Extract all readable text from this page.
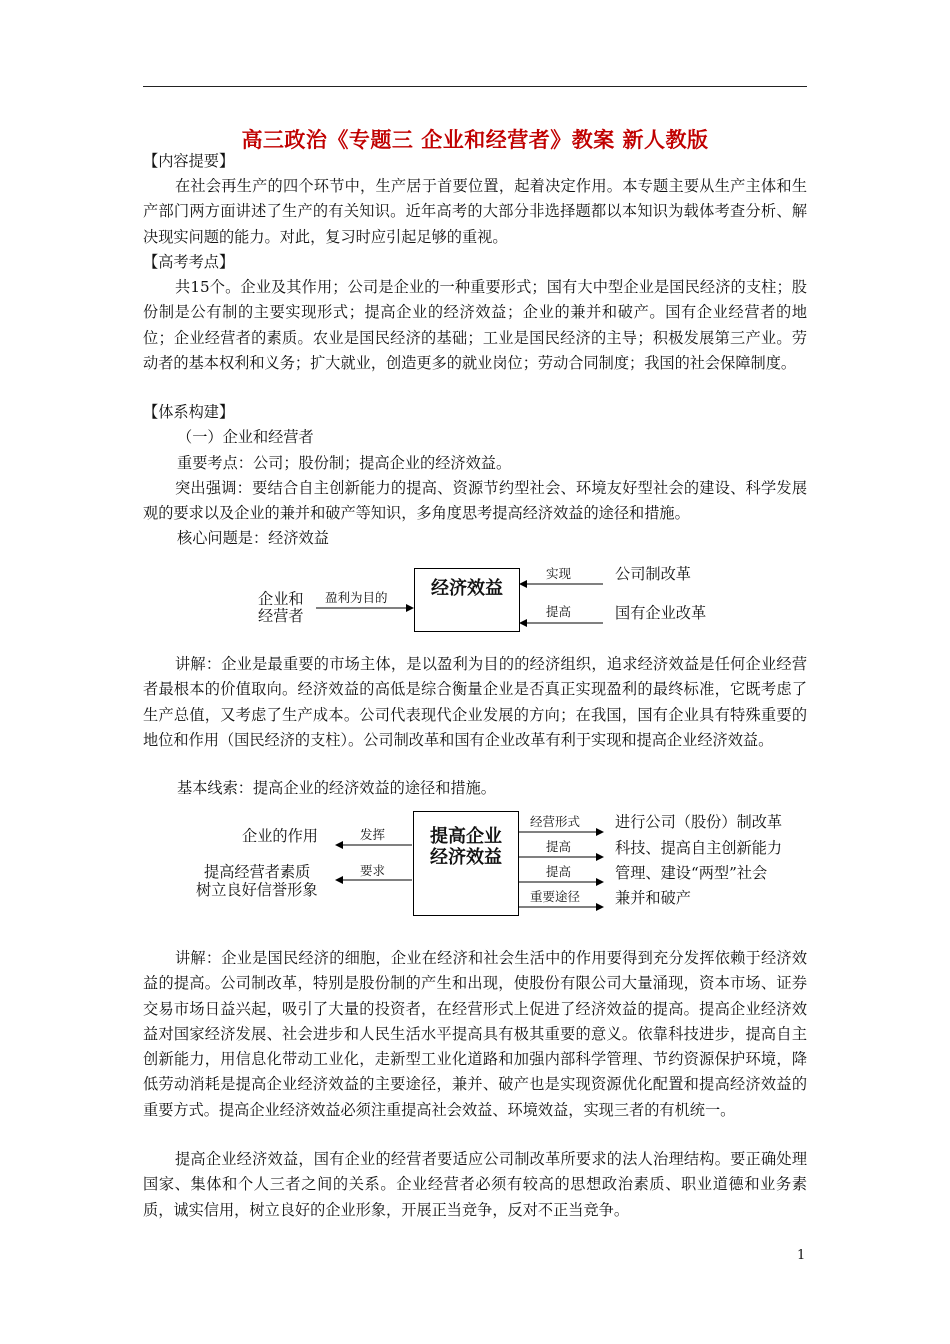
高三政治《专题三 企业和经营者》教案 新人教版
【内容提要】

在社会再生产的四个环节中，生产居于首要位置，起着决定作用。本专题主要从生产主体和生产部门两方面讲述了生产的有关知识。近年高考的大部分非选择题都以本知识为载体考查分析、解决现实问题的能力。对此，复习时应引起足够的重视。

【高考考点】

共15个。企业及其作用；公司是企业的一种重要形式；国有大中型企业是国民经济的支柱；股份制是公有制的主要实现形式；提高企业的经济效益；企业的兼并和破产。国有企业经营者的地位；企业经营者的素质。农业是国民经济的基础；工业是国民经济的主导；积极发展第三产业。劳动者的基本权利和义务；扩大就业，创造更多的就业岗位；劳动合同制度；我国的社会保障制度。

【体系构建】
（一）企业和经营者
重要考点：公司；股份制；提高企业的经济效益。

突出强调：要结合自主创新能力的提高、资源节约型社会、环境友好型社会的建设、科学发展观的要求以及企业的兼并和破产等知识，多角度思考提高经济效益的途径和措施。

核心问题是：经济效益
企业和
经营者
盈利为目的	经济效益
实现
提高
公司制改革
国有企业改革

讲解：企业是最重要的市场主体，是以盈利为目的的经济组织，追求经济效益是任何企业经营者最根本的价值取向。经济效益的高低是综合衡量企业是否真正实现盈利的最终标准，它既考虑了生产总值，又考虑了生产成本。公司代表现代企业发展的方向；在我国，国有企业具有特殊重要的地位和作用（国民经济的支柱）。公司制改革和国有企业改革有利于实现和提高企业经济效益。

基本线索：提高企业的经济效益的途径和措施。
企业的作用
提高经营者素质
树立良好信誉形象
发挥
要求
提高企业
经济效益
经营形式
提高
提高
重要途径
进行公司（股份）制改革
科技、提高自主创新能力
管理、建设“两型”社会
兼并和破产

讲解：企业是国民经济的细胞，企业在经济和社会生活中的作用要得到充分发挥依赖于经济效益的提高。公司制改革，特别是股份制的产生和出现，使股份有限公司大量涌现，资本市场、证券交易市场日益兴起，吸引了大量的投资者，在经营形式上促进了经济效益的提高。提高企业经济效益对国家经济发展、社会进步和人民生活水平提高具有极其重要的意义。依靠科技进步，提高自主创新能力，用信息化带动工业化，走新型工业化道路和加强内部科学管理、节约资源保护环境，降低劳动消耗是提高企业经济效益的主要途径，兼并、破产也是实现资源优化配置和提高经济效益的重要方式。提高企业经济效益必须注重提高社会效益、环境效益，实现三者的有机统一。

提高企业经济效益，国有企业的经营者要适应公司制改革所要求的法人治理结构。要正确处理国家、集体和个人三者之间的关系。企业经营者必须有较高的思想政治素质、职业道德和业务素质，诚实信用，树立良好的企业形象，开展正当竞争，反对不正当竞争。

1
